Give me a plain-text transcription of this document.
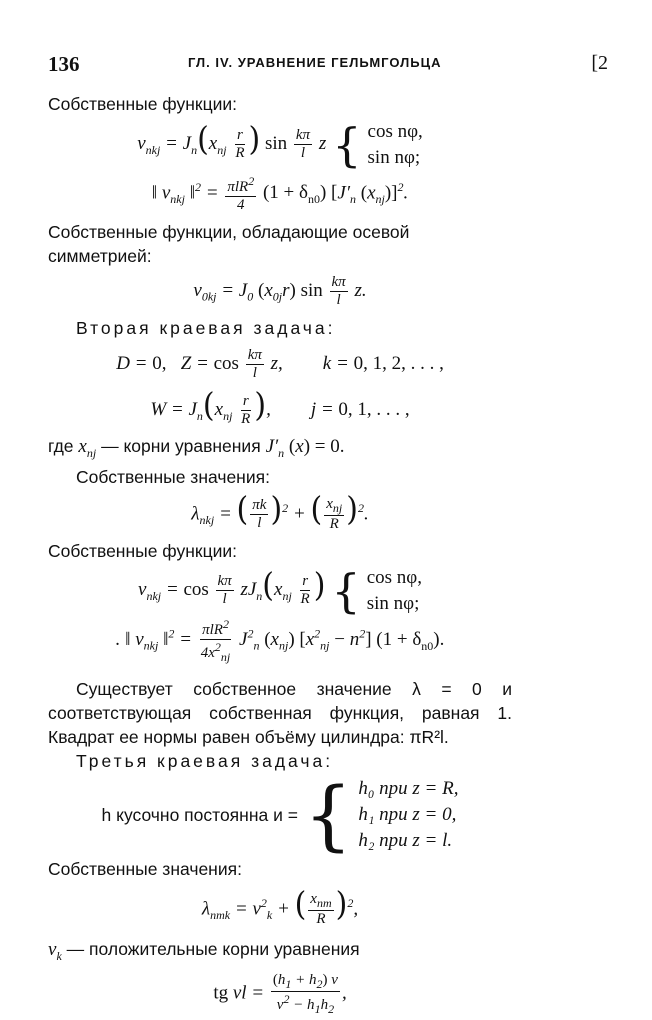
136	ГЛ. IV. УРАВНЕНИЕ ГЕЛЬМГОЛЬЦА	[2

Собственные функции:

$v_{nkj} = J_n(x_{nj} \frac{r}{R}$ ) $\sin \frac{k\pi}{l}$ z { cos nφ,
sin nφ;
‖ $v_{nkj}$ ‖$^2$ = $\frac{\pi lR^2}{4} (1 + \delta_{n0})$ [$J'_n$ $(x_{nj})]^2$.

Собственные функции, обладающие осевой симметрией:

$v_{0kj} = J_0$ $(x_{0j}r)$ $\sin \frac{k\pi}{l} z$.

Вторая краевая задача:

D = 0,   $Z = \cos \frac{k\pi}{l} z$, k = 0, 1, 2, . . . ,
$W = J_n(x_{nj} \frac{r}{R}$ ), j = 0, 1, . . . ,

где $x_{nj}$ — корни уравнения $J'_n$ (x) = 0.

Собственные значения:

$\lambda_{nkj}$ = ( $\frac{\pi k}{l} )^2$ + ( $\frac{x_{nj}}{R} )^2$.

Собственные функции:

$v_{nkj} = \cos \frac{k\pi}{l} zJ_n(x_{nj} \frac{r}{R}$ ) { cos nφ,
sin nφ;
. ‖ $v_{nkj}$ ‖$^2$ = $\frac{\pi lR^2}{4x^2_{nj}} J^2_n$ $(x_{nj}) [x^2_{nj} - n^2] (1 + \delta_{n0})$.

Существует собственное значение λ = 0 и соответствующая собственная функция, равная 1. Квадрат ее нормы равен объёму цилиндра: πR²l.

Третья краевая задача:

h кусочно постоянна и = { h₀ при z = R,
h₁ при z = 0,
h₂ при z = l.

Собственные значения:

$\lambda_{nmk} = \nu^2_k$ + ( $\frac{x_{nm}}{R} )^2$,

$\nu_k$ — положительные корни уравнения

tg $\nu l = \frac{(h_1 + h_2) \nu}{\nu^2 - h_1h_2}$ ,
